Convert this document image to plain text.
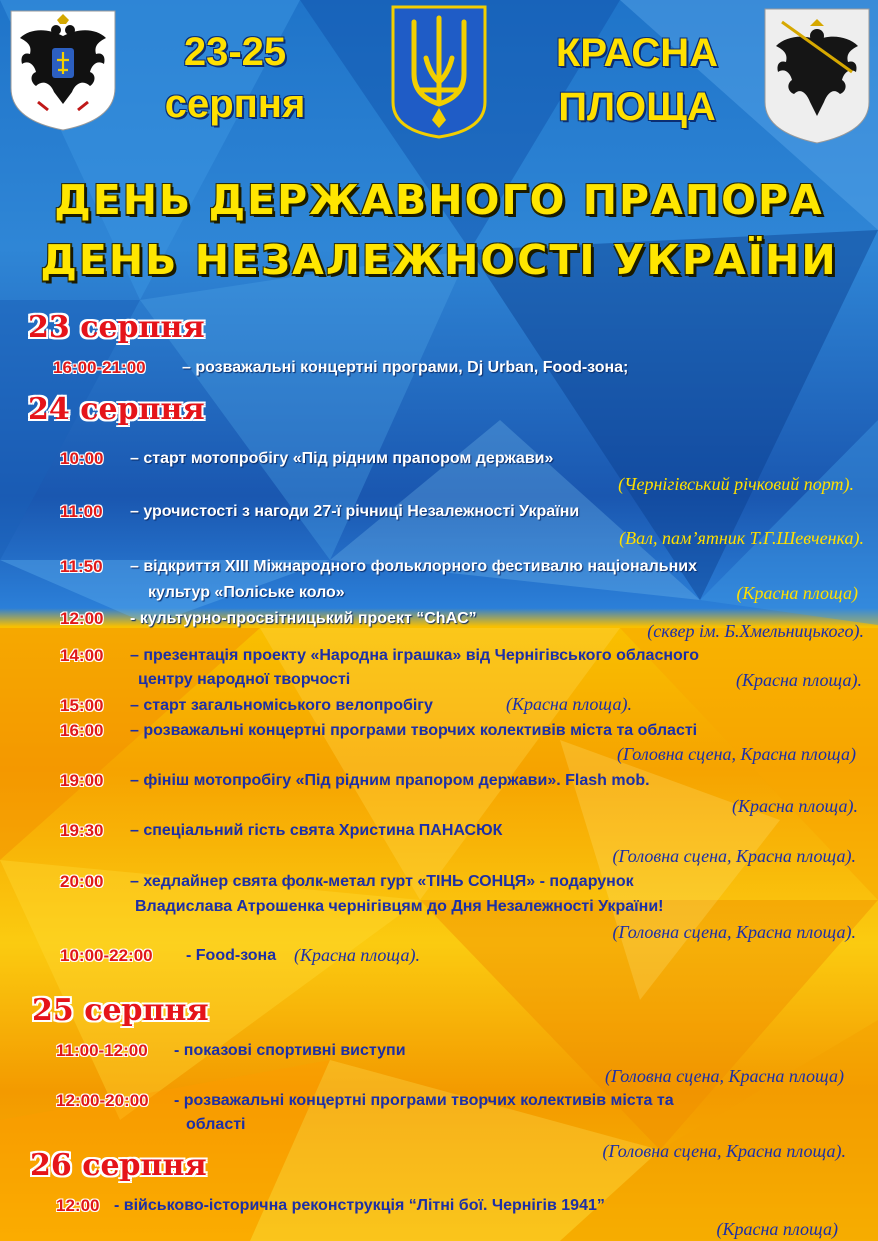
23-25
серпня
КРАСНА
ПЛОЩА
ДЕНЬ ДЕРЖАВНОГО ПРАПОРА
ДЕНЬ НЕЗАЛЕЖНОСТІ УКРАЇНИ
23 серпня
16:00-21:00 – розважальні концертні програми, Dj Urban, Food-зона;
24 серпня
10:00 – старт мотопробігу «Під рідним прапором держави»
(Чернігівський річковий порт).
11:00 – урочистості з нагоди 27-ї річниці Незалежності України
(Вал, пам’ятник Т.Г.Шевченка).
11:50 – відкриття XIII Міжнародного фольклорного фестивалю національних
культур «Поліське коло»	(Красна площа)
12:00 - культурно-просвітницький проект “ChAC”
(сквер ім. Б.Хмельницького).
14:00 – презентація проекту «Народна іграшка» від Чернігівського обласного
центру народної творчості	(Красна площа).
15:00 – старт загальноміського велопробігу	(Красна площа).
16:00 – розважальні концертні програми творчих колективів міста та області
(Головна сцена, Красна площа)
19:00 – фініш мотопробігу «Під рідним прапором держави». Flash mob.
(Красна площа).
19:30 – спеціальний гість свята Христина ПАНАСЮК
(Головна сцена, Красна площа).
20:00 – хедлайнер свята фолк-метал гурт «ТІНЬ СОНЦЯ» - подарунок
Владислава Атрошенка чернігівцям до Дня Незалежності України!
(Головна сцена, Красна площа).
10:00-22:00 - Food-зона (Красна площа).
25 серпня
11:00-12:00 - показові спортивні виступи
(Головна сцена, Красна площа)
12:00-20:00 - розважальні концертні програми творчих колективів міста та
області
(Головна сцена, Красна площа).
26 серпня
12:00 - військово-історична реконструкція “Літні бої. Чернігів 1941”
(Красна площа)
